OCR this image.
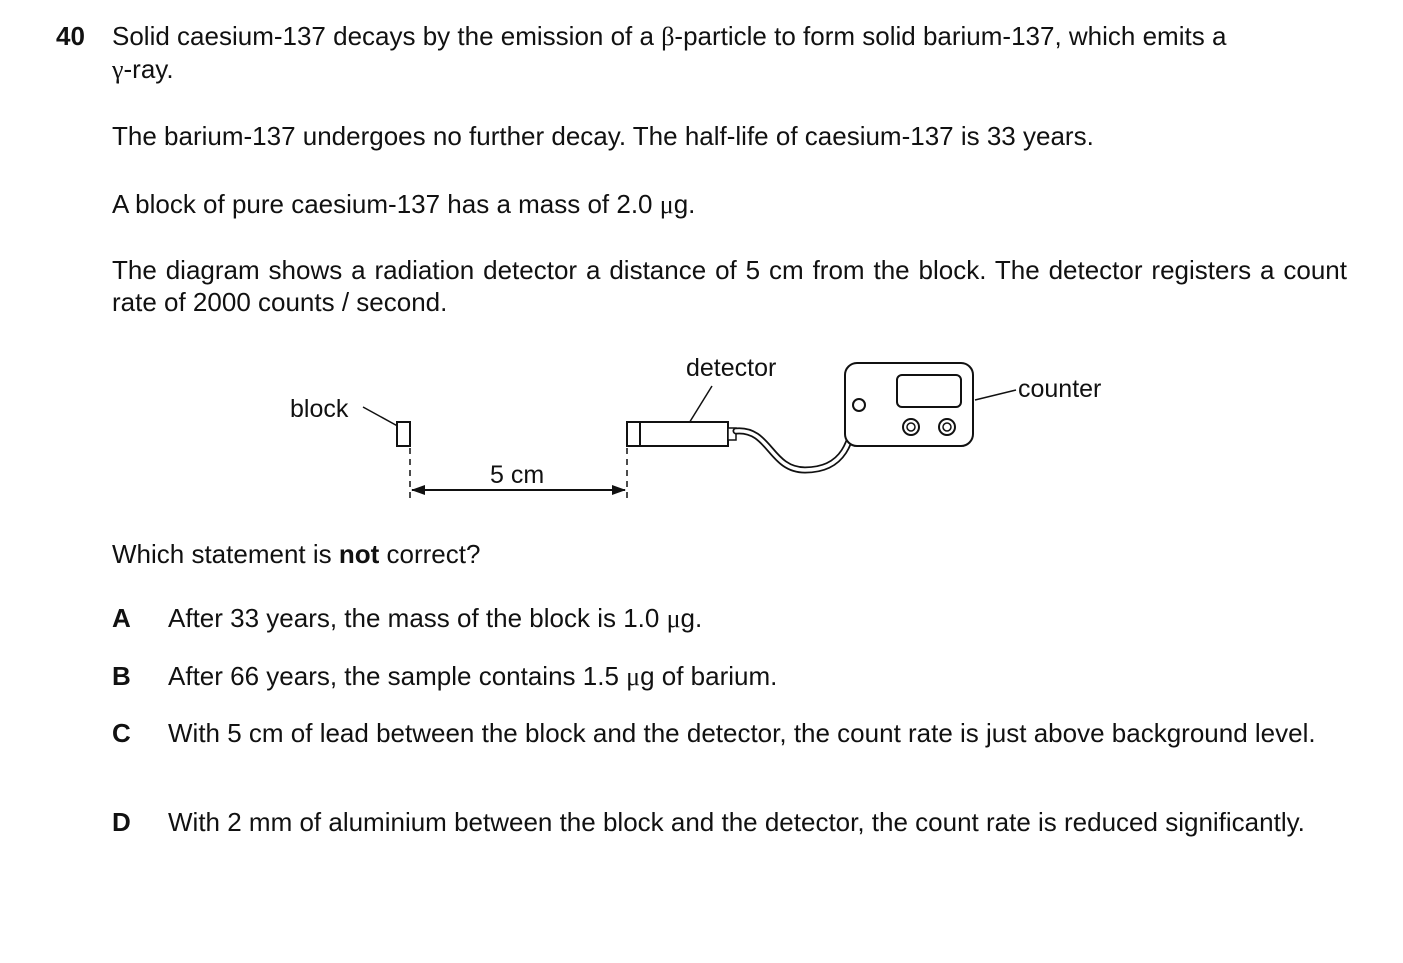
40 Solid caesium-137 decays by the emission of a β-particle to form solid barium-137, which emits a
γ-ray.
The barium-137 undergoes no further decay. The half-life of caesium-137 is 33 years.
A block of pure caesium-137 has a mass of 2.0 μg.
The diagram shows a radiation detector a distance of 5 cm from the block. The detector registers a count rate of 2000 counts / second.
block
5 cm
detector
counter
Which statement is not correct?
A After 33 years, the mass of the block is 1.0 μg.
B After 66 years, the sample contains 1.5 μg of barium.
C With 5 cm of lead between the block and the detector, the count rate is just above background level.
D With 2 mm of aluminium between the block and the detector, the count rate is reduced significantly.
